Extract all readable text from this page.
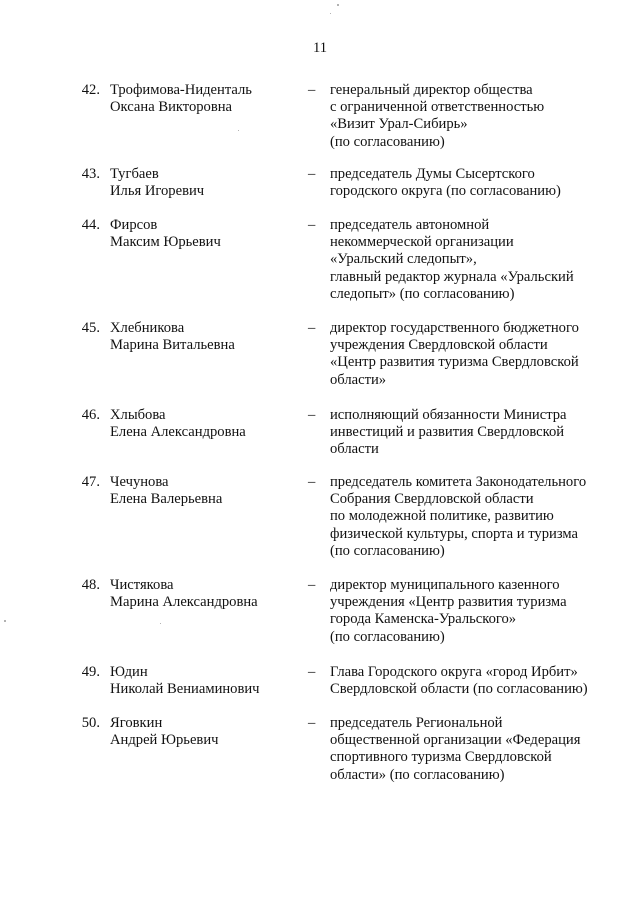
11
42. Трофимова-Ниденталь
Оксана Викторовна
–	генеральный директор общества
с ограниченной ответственностью
«Визит Урал-Сибирь»
(по согласованию)
43. Тугбаев
Илья Игоревич
–	председатель Думы Сысертского
городского округа (по согласованию)
44. Фирсов
Максим Юрьевич
–	председатель автономной
некоммерческой организации
«Уральский следопыт»,
главный редактор журнала «Уральский
следопыт» (по согласованию)
45. Хлебникова
Марина Витальевна
–	директор государственного бюджетного
учреждения Свердловской области
«Центр развития туризма Свердловской
области»
46. Хлыбова
Елена Александровна
–	исполняющий обязанности Министра
инвестиций и развития Свердловской
области
47. Чечунова
Елена Валерьевна
–	председатель комитета Законодательного
Собрания Свердловской области
по молодежной политике, развитию
физической культуры, спорта и туризма
(по согласованию)
48. Чистякова
Марина Александровна
–	директор муниципального казенного
учреждения «Центр развития туризма
города Каменска-Уральского»
(по согласованию)
49. Юдин
Николай Вениаминович
–	Глава Городского округа «город Ирбит»
Свердловской области (по согласованию)
50. Яговкин
Андрей Юрьевич
–	председатель Региональной
общественной организации «Федерация
спортивного туризма Свердловской
области» (по согласованию)
